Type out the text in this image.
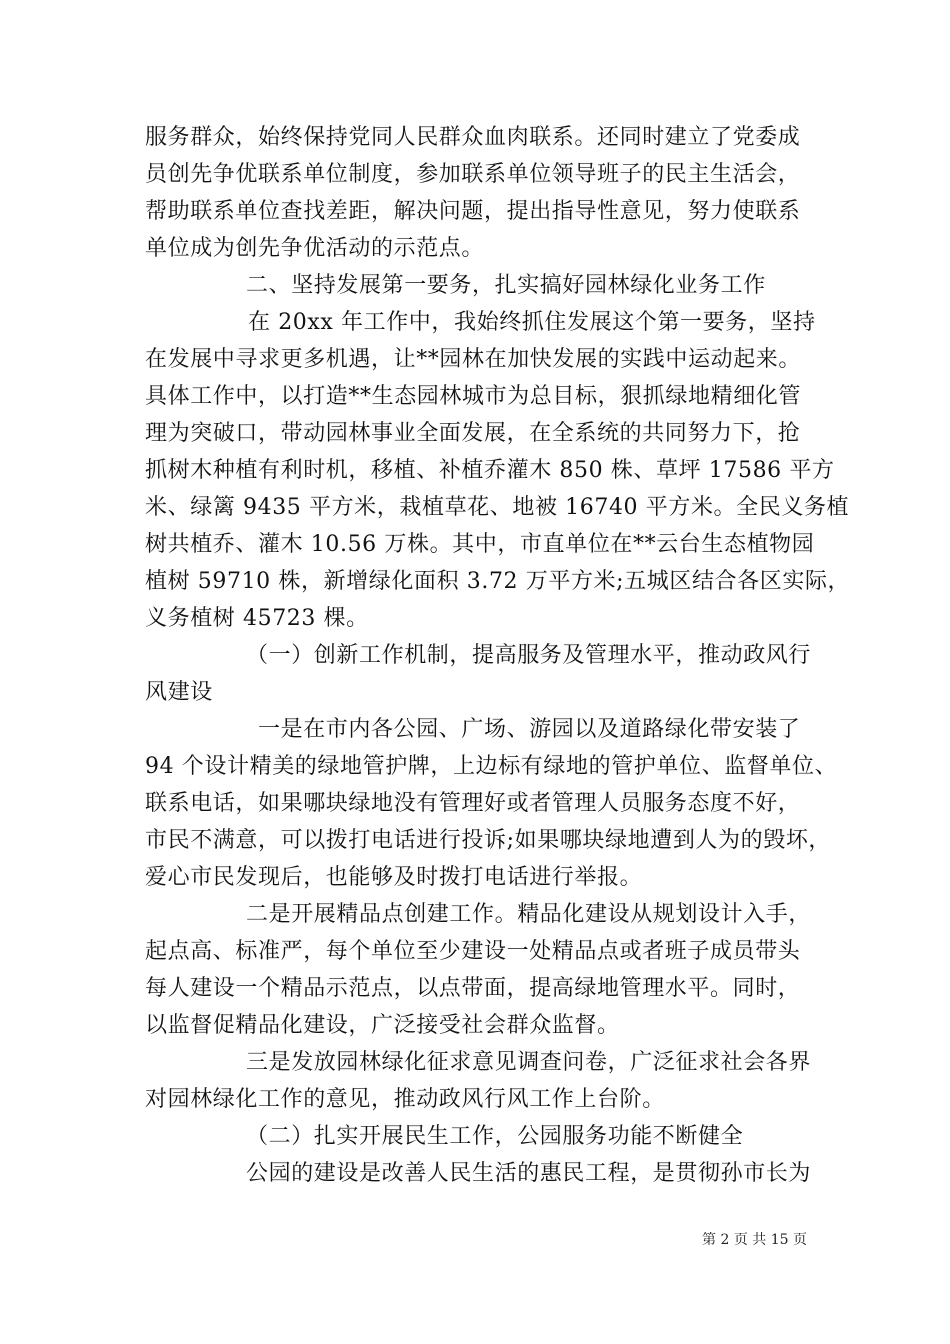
服务群众，始终保持党同人民群众血肉联系。还同时建立了党委成
员创先争优联系单位制度，参加联系单位领导班子的民主生活会，
帮助联系单位查找差距，解决问题，提出指导性意见，努力使联系
单位成为创先争优活动的示范点。
二、坚持发展第一要务，扎实搞好园林绿化业务工作
在 20xx 年工作中，我始终抓住发展这个第一要务，坚持
在发展中寻求更多机遇，让**园林在加快发展的实践中运动起来。
具体工作中，以打造**生态园林城市为总目标，狠抓绿地精细化管
理为突破口，带动园林事业全面发展，在全系统的共同努力下，抢
抓树木种植有利时机，移植、补植乔灌木 850 株、草坪 17586 平方
米、绿篱 9435 平方米，栽植草花、地被 16740 平方米。全民义务植
树共植乔、灌木 10.56 万株。其中，市直单位在**云台生态植物园
植树 59710 株，新增绿化面积 3.72 万平方米;五城区结合各区实际，
义务植树 45723 棵。
（一）创新工作机制，提高服务及管理水平，推动政风行
风建设
一是在市内各公园、广场、游园以及道路绿化带安装了
94 个设计精美的绿地管护牌，上边标有绿地的管护单位、监督单位、
联系电话，如果哪块绿地没有管理好或者管理人员服务态度不好，
市民不满意，可以拨打电话进行投诉;如果哪块绿地遭到人为的毁坏，
爱心市民发现后，也能够及时拨打电话进行举报。
二是开展精品点创建工作。精品化建设从规划设计入手，
起点高、标准严，每个单位至少建设一处精品点或者班子成员带头
每人建设一个精品示范点，以点带面，提高绿地管理水平。同时，
以监督促精品化建设，广泛接受社会群众监督。
三是发放园林绿化征求意见调查问卷，广泛征求社会各界
对园林绿化工作的意见，推动政风行风工作上台阶。
（二）扎实开展民生工作，公园服务功能不断健全
公园的建设是改善人民生活的惠民工程，是贯彻孙市长为
第 2 页 共 15 页
